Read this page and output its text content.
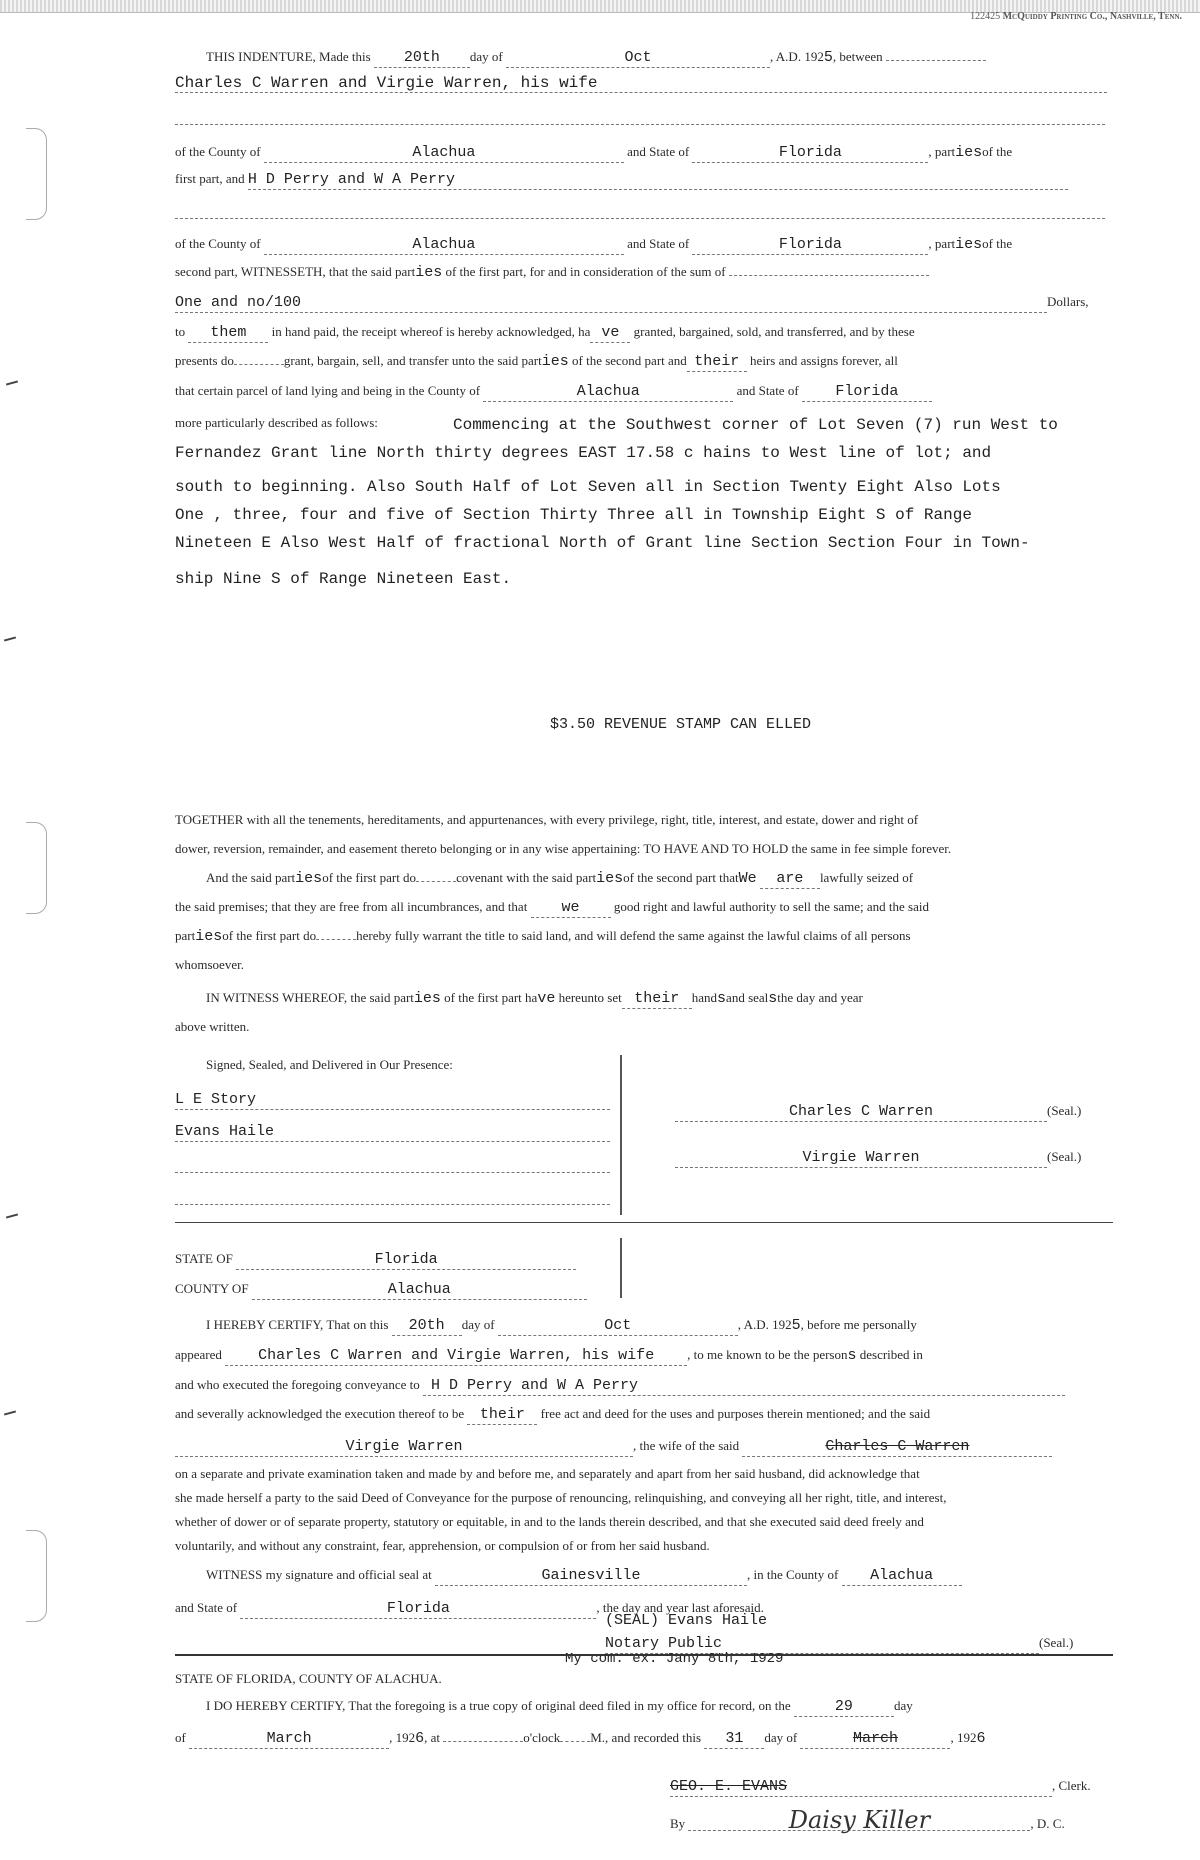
122425 McQuiddy Printing Co., Nashville, Tenn.
THIS INDENTURE, Made this 20th day of	Oct	, A.D. 1925, between
Charles C Warren and Virgie Warren, his wife
of the County of	Alachua	and State of	Florida	, partiesof the
first part, and H D Perry and W A Perry
of the County of	Alachua	and State of	Florida	, partiesof the
second part, WITNESSETH, that the said parties of the first part, for and in consideration of the sum of
One and no/100	Dollars,
to them in hand paid, the receipt whereof is hereby acknowledged, ha ve granted, bargained, sold, and transferred, and by these
presents do	grant, bargain, sell, and transfer unto the said parties of the second part and their heirs and assigns forever, all
that certain parcel of land lying and being in the County of	Alachua	and State of Florida
more particularly described as follows:	Commencing at the Southwest corner of Lot Seven (7) run West to

Fernandez Grant line North thirty degrees EAST 17.58 c hains to West line of lot; and

south to beginning. Also South Half of Lot Seven all in Section Twenty Eight Also Lots

One , three, four and five of Section Thirty Three all in Township Eight S of Range

Nineteen E Also West Half of fractional North of Grant line Section Section Four in Town-

ship Nine S of Range Nineteen East.

$3.50 REVENUE STAMP CAN ELLED
TOGETHER with all the tenements, hereditaments, and appurtenances, with every privilege, right, title, interest, and estate, dower and right of
dower, reversion, remainder, and easement thereto belonging or in any wise appertaining: TO HAVE AND TO HOLD the same in fee simple forever.
And the said partiesof the first part do	covenant with the said partiesof the second part thatWe are lawfully seized of
the said premises; that they are free from all incumbrances, and that we	good right and lawful authority to sell the same; and the said
partiesof the first part do	hereby fully warrant the title to said land, and will defend the same against the lawful claims of all persons
whomsoever.
IN WITNESS WHEREOF, the said parties of the first part have hereunto set their handsand sealsthe day and year
above written.
Signed, Sealed, and Delivered in Our Presence:
L E Story
Evans Haile
Charles C Warren	(Seal.)
Virgie Warren	(Seal.)
STATE OF	Florida
COUNTY OF	Alachua
I HEREBY CERTIFY, That on this 20th day of	Oct	, A.D. 1925, before me personally
appeared Charles C Warren and Virgie Warren, his wife	, to me known to be the persons described in
and who executed the foregoing conveyance to H D Perry and W A Perry
and severally acknowledged the execution thereof to be their free act and deed for the uses and purposes therein mentioned; and the said
Virgie Warren	, the wife of the said	Charles C Warren
on a separate and private examination taken and made by and before me, and separately and apart from her said husband, did acknowledge that
she made herself a party to the said Deed of Conveyance for the purpose of renouncing, relinquishing, and conveying all her right, title, and interest,
whether of dower or of separate property, statutory or equitable, in and to the lands therein described, and that she executed said deed freely and
voluntarily, and without any constraint, fear, apprehension, or compulsion of or from her said husband.
WITNESS my signature and official seal at	Gainesville	, in the County of Alachua
and State of	Florida	, the day and year last aforesaid.
(SEAL) Evans Haile
Notary Public	(Seal.)
My com. ex. Jany 8th, 1929
STATE OF FLORIDA, COUNTY OF ALACHUA.
I DO HEREBY CERTIFY, That the foregoing is a true copy of original deed filed in my office for record, on the	29	day
of	March	, 1926, at	o'clock M., and recorded this 31 day of	March	, 1926
GEO. E. EVANS	, Clerk.
By	Daisy Killer	, D. C.
